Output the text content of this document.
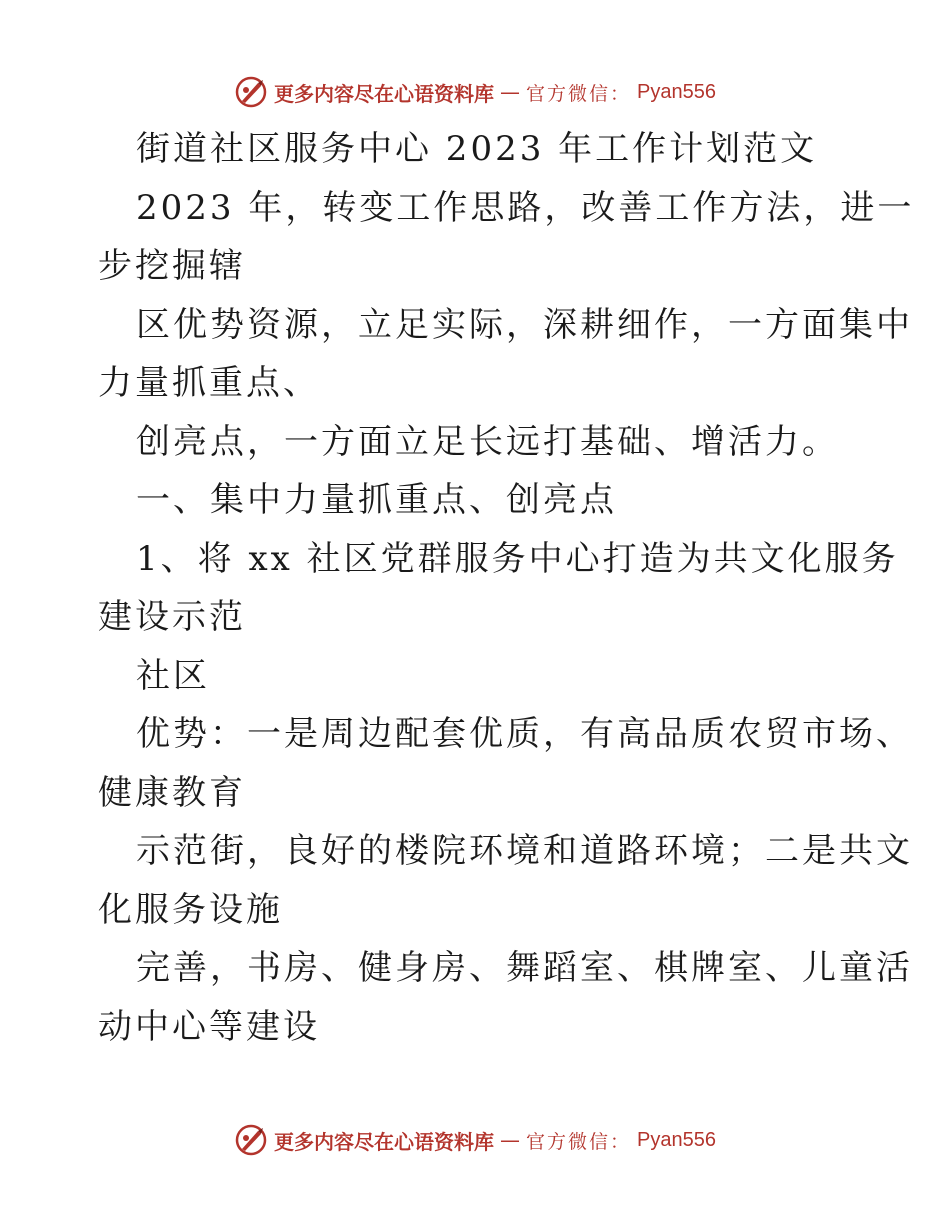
更多内容尽在心语资料库 — 官方微信： Pyan556
街道社区服务中心 2023 年工作计划范文
2023 年，转变工作思路，改善工作方法，进一
步挖掘辖
区优势资源，立足实际，深耕细作，一方面集中
力量抓重点、
创亮点，一方面立足长远打基础、增活力。
一、集中力量抓重点、创亮点
1、将 xx 社区党群服务中心打造为共文化服务
建设示范
社区
优势：一是周边配套优质，有高品质农贸市场、
健康教育
示范街，良好的楼院环境和道路环境；二是共文
化服务设施
完善，书房、健身房、舞蹈室、棋牌室、儿童活
动中心等建设
更多内容尽在心语资料库 — 官方微信： Pyan556
